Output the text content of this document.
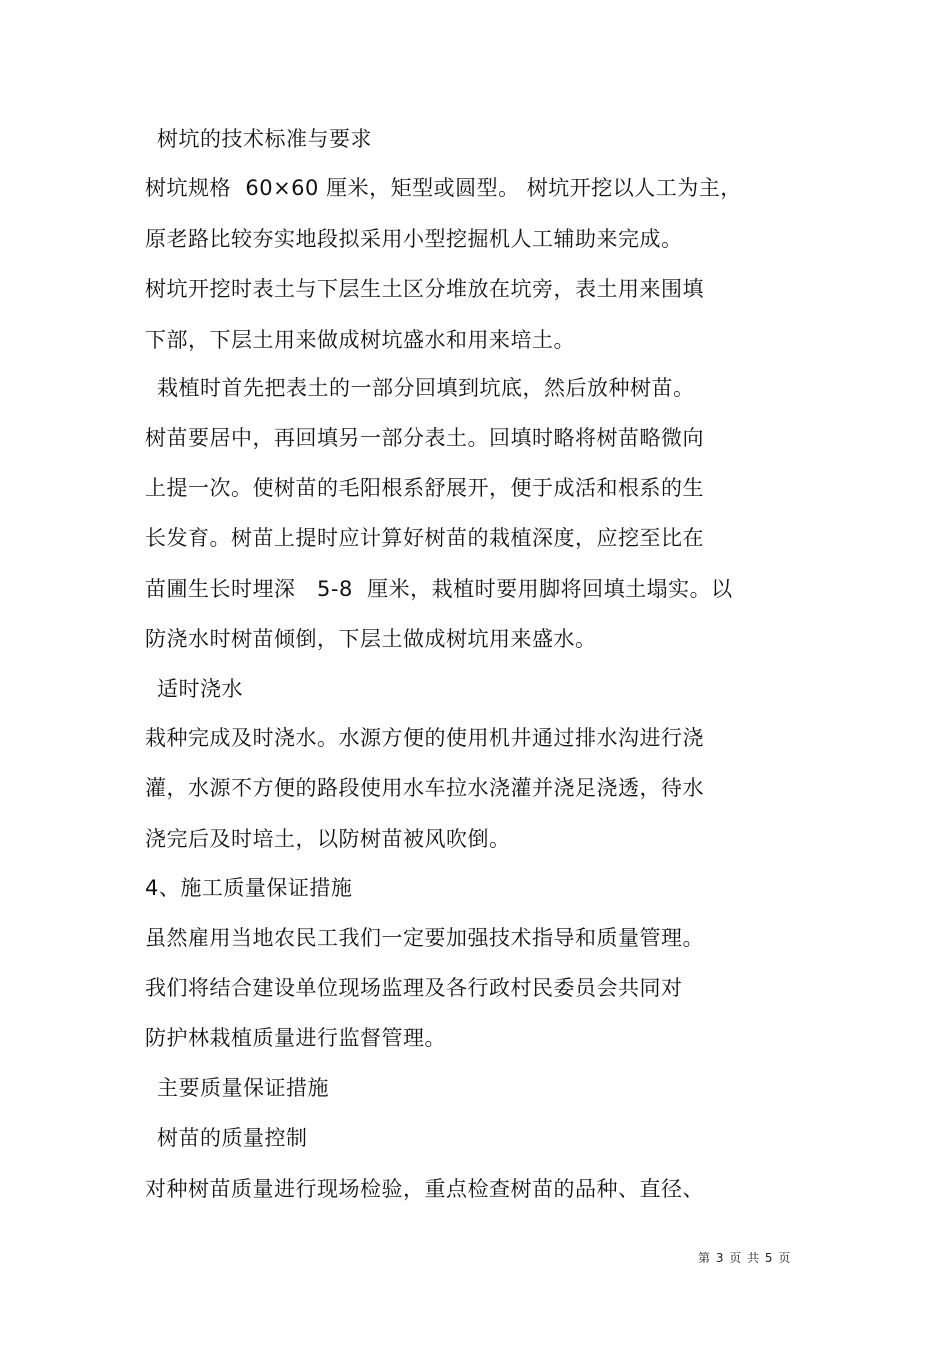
树坑的技术标准与要求
树坑规格  60×60 厘米，矩型或圆型。 树坑开挖以人工为主，
原老路比较夯实地段拟采用小型挖掘机人工辅助来完成。
树坑开挖时表土与下层生土区分堆放在坑旁，表土用来围填
下部，下层土用来做成树坑盛水和用来培土。
栽植时首先把表土的一部分回填到坑底，然后放种树苗。
树苗要居中，再回填另一部分表土。回填时略将树苗略微向
上提一次。使树苗的毛阳根系舒展开，便于成活和根系的生
长发育。树苗上提时应计算好树苗的栽植深度，应挖至比在
苗圃生长时埋深   5-8  厘米，栽植时要用脚将回填土塌实。以
防浇水时树苗倾倒，下层土做成树坑用来盛水。
适时浇水
栽种完成及时浇水。水源方便的使用机井通过排水沟进行浇
灌，水源不方便的路段使用水车拉水浇灌并浇足浇透，待水
浇完后及时培土，以防树苗被风吹倒。
4、施工质量保证措施
虽然雇用当地农民工我们一定要加强技术指导和质量管理。
我们将结合建设单位现场监理及各行政村民委员会共同对
防护林栽植质量进行监督管理。
主要质量保证措施
树苗的质量控制
对种树苗质量进行现场检验，重点检查树苗的品种、直径、
第 3 页 共 5 页
